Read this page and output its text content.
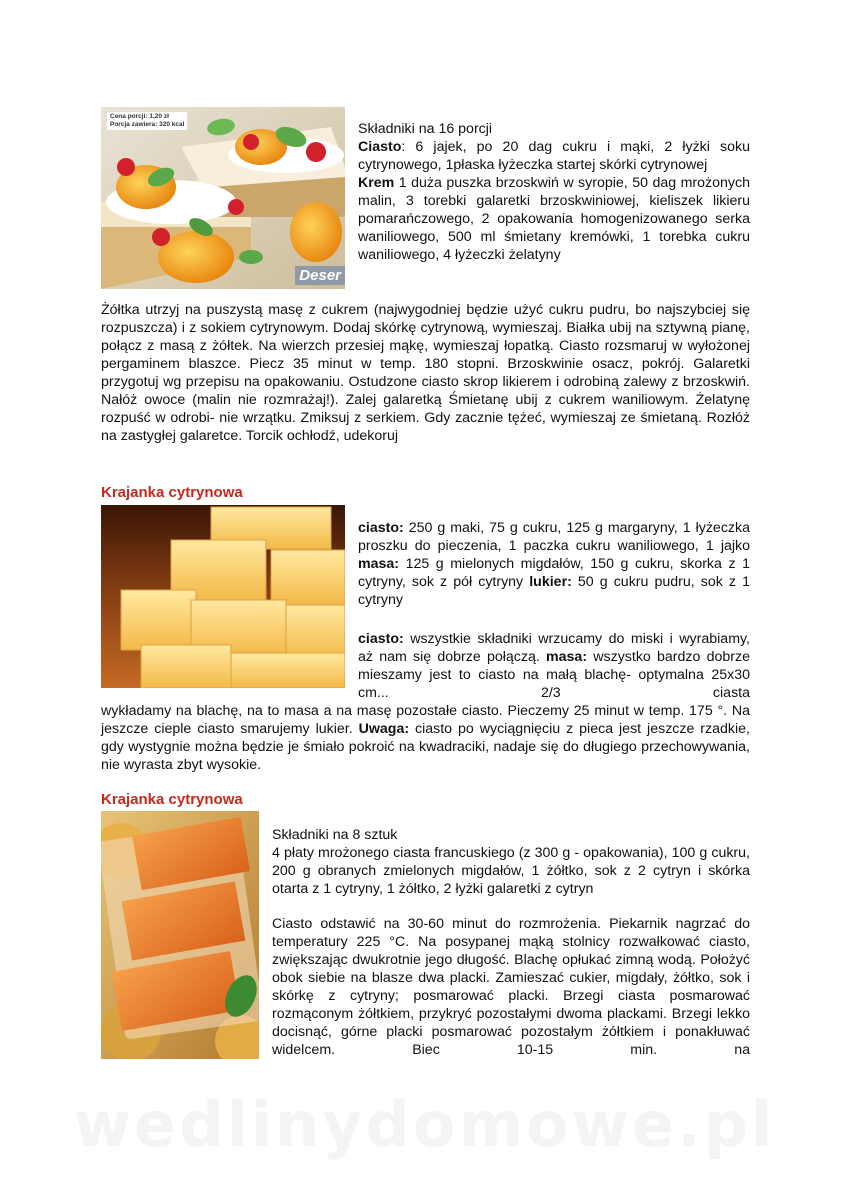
Cena porcji: 1,20 zł
Porcja zawiera: 320 kcal
Deser
Składniki na 16 porcji
Ciasto: 6 jajek, po 20 dag cukru i mąki, 2 łyżki soku cytrynowego, 1płaska łyżeczka startej skórki cytrynowej
Krem 1 duża puszka brzoskwiń w syropie, 50 dag mrożonych malin, 3 torebki galaretki brzoskwiniowej, kieliszek likieru pomarańczowego, 2 opakowania homogenizowanego serka waniliowego, 500 ml śmietany kremówki, 1 torebka cukru waniliowego, 4 łyżeczki żelatyny
Żółtka utrzyj na puszystą masę z cukrem (najwygodniej będzie użyć cukru pudru, bo najszybciej się rozpuszcza) i z sokiem cytrynowym. Dodaj skórkę cytrynową, wymieszaj. Białka ubij na sztywną pianę, połącz z masą z żółtek. Na wierzch przesiej mąkę, wymieszaj łopatką. Ciasto rozsmaruj w wyłożonej pergaminem blaszce. Piecz 35 minut w temp. 180 stopni. Brzoskwinie osacz, pokrój. Galaretki przygotuj wg przepisu na opakowaniu. Ostudzone ciasto skrop likierem i odrobiną zalewy z brzoskwiń. Nałóż owoce (malin nie rozmrażaj!). Zalej galaretką Śmietanę ubij z cukrem waniliowym. Żelatynę rozpuść w odrobi- nie wrzątku. Zmiksuj z serkiem. Gdy zacznie tężeć, wymieszaj ze śmietaną. Rozłóż na zastygłej galaretce. Torcik ochłodź, udekoruj
Krajanka cytrynowa
ciasto: 250 g maki, 75 g cukru, 125 g margaryny, 1 łyżeczka proszku do pieczenia, 1 paczka cukru waniliowego, 1 jajko masa: 125 g mielonych migdałów, 150 g cukru, skorka z 1 cytryny, sok z pół cytryny lukier: 50 g cukru pudru, sok z 1 cytryny
ciasto: wszystkie składniki wrzucamy do miski i wyrabiamy, aż nam się dobrze połączą. masa: wszystko bardzo dobrze mieszamy jest to ciasto na małą blachę- optymalna 25x30 cm... 2/3 ciasta
wykładamy na blachę, na to masa a na masę pozostałe ciasto. Pieczemy 25 minut w temp. 175 °. Na jeszcze cieple ciasto smarujemy lukier. Uwaga: ciasto po wyciągnięciu z pieca jest jeszcze rzadkie, gdy wystygnie można będzie je śmiało pokroić na kwadraciki, nadaje się do długiego przechowywania, nie wyrasta zbyt wysokie.
Krajanka cytrynowa
Składniki na 8 sztuk
4 płaty mrożonego ciasta francuskiego (z 300 g - opakowania), 100 g cukru, 200 g obranych zmielonych migdałów, 1 żółtko, sok z 2 cytryn i skórka otarta z 1 cytryny, 1 żółtko, 2 łyżki galaretki z cytryn
Ciasto odstawić na 30-60 minut do rozmrożenia. Piekarnik nagrzać do temperatury 225 °C. Na posypanej mąką stolnicy rozwałkować ciasto, zwiększając dwukrotnie jego długość. Blachę opłukać zimną wodą. Położyć obok siebie na blasze dwa placki. Zamieszać cukier, migdały, żółtko, sok i skórkę z cytryny; posmarować placki. Brzegi ciasta posmarować rozmąconym żółtkiem, przykryć pozostałymi dwoma plackami. Brzegi lekko docisnąć, górne placki posmarować pozostałym żółtkiem i ponakłuwać widelcem. Biec 10-15 min. na
wedlinydomowe.pl
